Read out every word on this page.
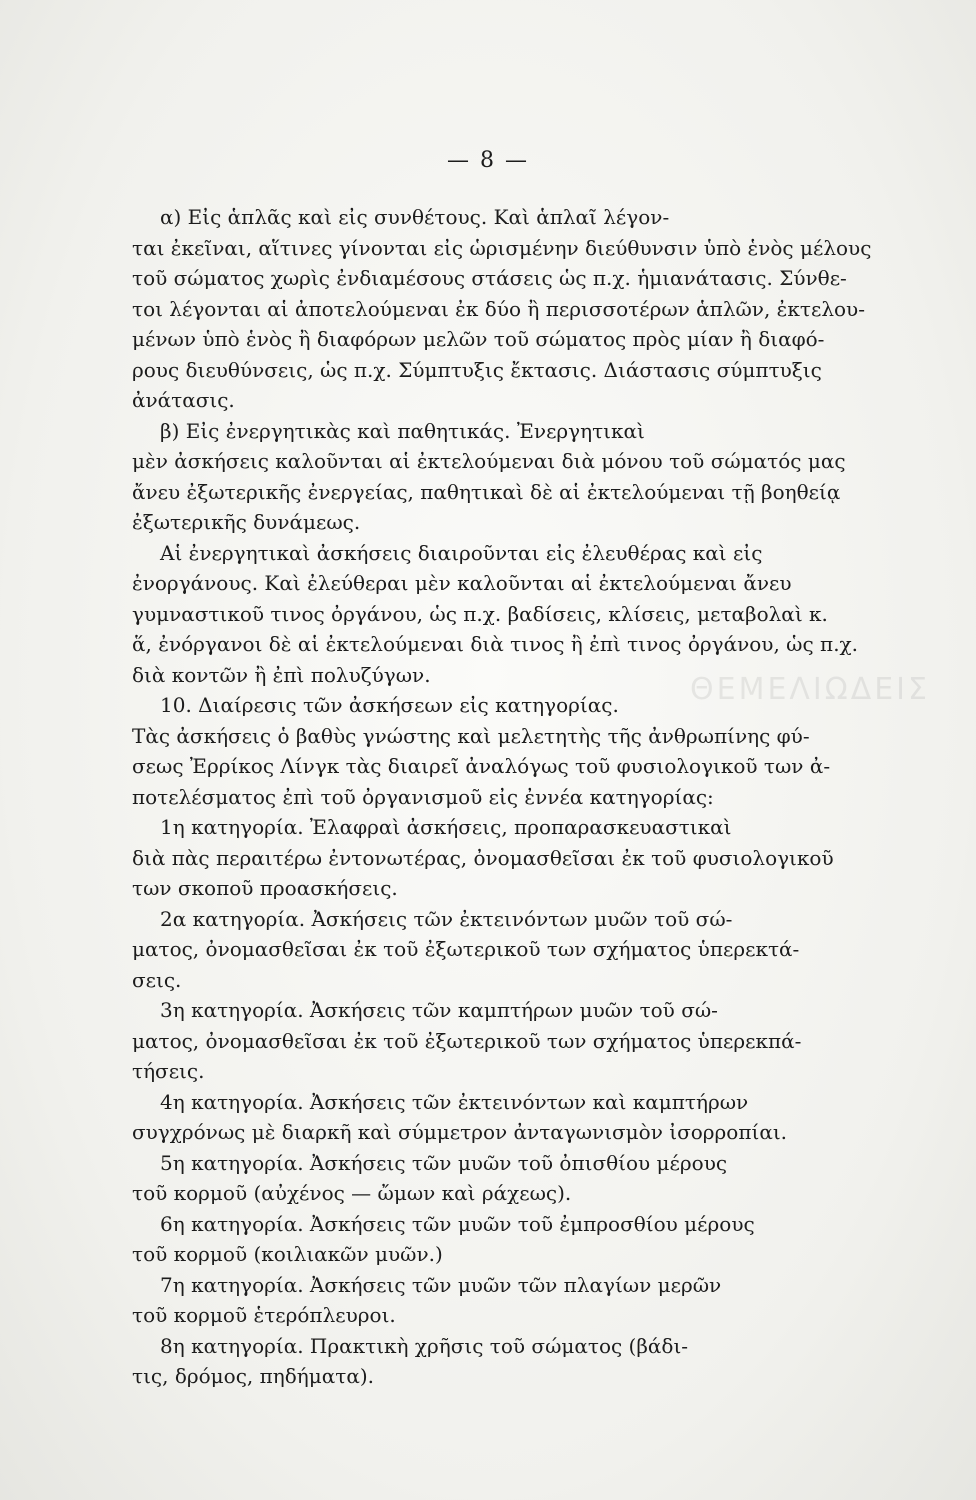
— 8 —
ΘΕΜΕΛΙΩΔΕΙΣ
α) Εἰς ἁπλᾶς καὶ εἰς συνθέτους. Καὶ ἁπλαῖ λέγον-
ται ἐκεῖναι, αἵτινες γίνονται εἰς ὡρισμένην διεύθυνσιν ὑπὸ ἑνὸς μέλους
τοῦ σώματος χωρὶς ἐνδιαμέσους στάσεις ὡς π.χ. ἡμιανάτασις. Σύνθε-
τοι λέγονται αἱ ἀποτελούμεναι ἐκ δύο ἢ περισσοτέρων ἁπλῶν, ἐκτελου-
μένων ὑπὸ ἑνὸς ἢ διαφόρων μελῶν τοῦ σώματος πρὸς μίαν ἢ διαφό-
ρους διευθύνσεις, ὡς π.χ. Σύμπτυξις ἔκτασις. Διάστασις σύμπτυξις
ἀνάτασις.
β) Εἰς ἐνεργητικὰς καὶ παθητικάς. Ἐνεργητικαὶ
μὲν ἀσκήσεις καλοῦνται αἱ ἐκτελούμεναι διὰ μόνου τοῦ σώματός μας
ἄνευ ἐξωτερικῆς ἐνεργείας, παθητικαὶ δὲ αἱ ἐκτελούμεναι τῇ βοηθείᾳ
ἐξωτερικῆς δυνάμεως.
Αἱ ἐνεργητικαὶ ἀσκήσεις διαιροῦνται εἰς ἐλευθέρας καὶ εἰς
ἐνοργάνους. Καὶ ἐλεύθεραι μὲν καλοῦνται αἱ ἐκτελούμεναι ἄνευ
γυμναστικοῦ τινος ὀργάνου, ὡς π.χ. βαδίσεις, κλίσεις, μεταβολαὶ κ.
ἅ, ἐνόργανοι δὲ αἱ ἐκτελούμεναι διὰ τινος ἢ ἐπὶ τινος ὀργάνου, ὡς π.χ.
διὰ κοντῶν ἢ ἐπὶ πολυζύγων.
10. Διαίρεσις τῶν ἀσκήσεων εἰς κατηγορίας.
Τὰς ἀσκήσεις ὁ βαθὺς γνώστης καὶ μελετητὴς τῆς ἀνθρωπίνης φύ-
σεως Ἐρρίκος Λίνγκ τὰς διαιρεῖ ἀναλόγως τοῦ φυσιολογικοῦ των ἀ-
ποτελέσματος ἐπὶ τοῦ ὀργανισμοῦ εἰς ἐννέα κατηγορίας:
1η κατηγορία. Ἐλαφραὶ ἀσκήσεις, προπαρασκευαστικαὶ
διὰ πὰς περαιτέρω ἐντονωτέρας, ὀνομασθεῖσαι ἐκ τοῦ φυσιολογικοῦ
των σκοποῦ προασκήσεις.
2α κατηγορία. Ἀσκήσεις τῶν ἐκτεινόντων μυῶν τοῦ σώ-
ματος, ὀνομασθεῖσαι ἐκ τοῦ ἐξωτερικοῦ των σχήματος ὑπερεκτά-
σεις.
3η κατηγορία. Ἀσκήσεις τῶν καμπτήρων μυῶν τοῦ σώ-
ματος, ὀνομασθεῖσαι ἐκ τοῦ ἐξωτερικοῦ των σχήματος ὑπερεκπά-
τήσεις.
4η κατηγορία. Ἀσκήσεις τῶν ἐκτεινόντων καὶ καμπτήρων
συγχρόνως μὲ διαρκῆ καὶ σύμμετρον ἀνταγωνισμὸν ἰσορροπίαι.
5η κατηγορία. Ἀσκήσεις τῶν μυῶν τοῦ ὀπισθίου μέρους
τοῦ κορμοῦ (αὐχένος — ὤμων καὶ ράχεως).
6η κατηγορία. Ἀσκήσεις τῶν μυῶν τοῦ ἐμπροσθίου μέρους
τοῦ κορμοῦ (κοιλιακῶν μυῶν.)
7η κατηγορία. Ἀσκήσεις τῶν μυῶν τῶν πλαγίων μερῶν
τοῦ κορμοῦ ἑτερόπλευροι.
8η κατηγορία. Πρακτικὴ χρῆσις τοῦ σώματος (βάδι-
τις, δρόμος, πηδήματα).
